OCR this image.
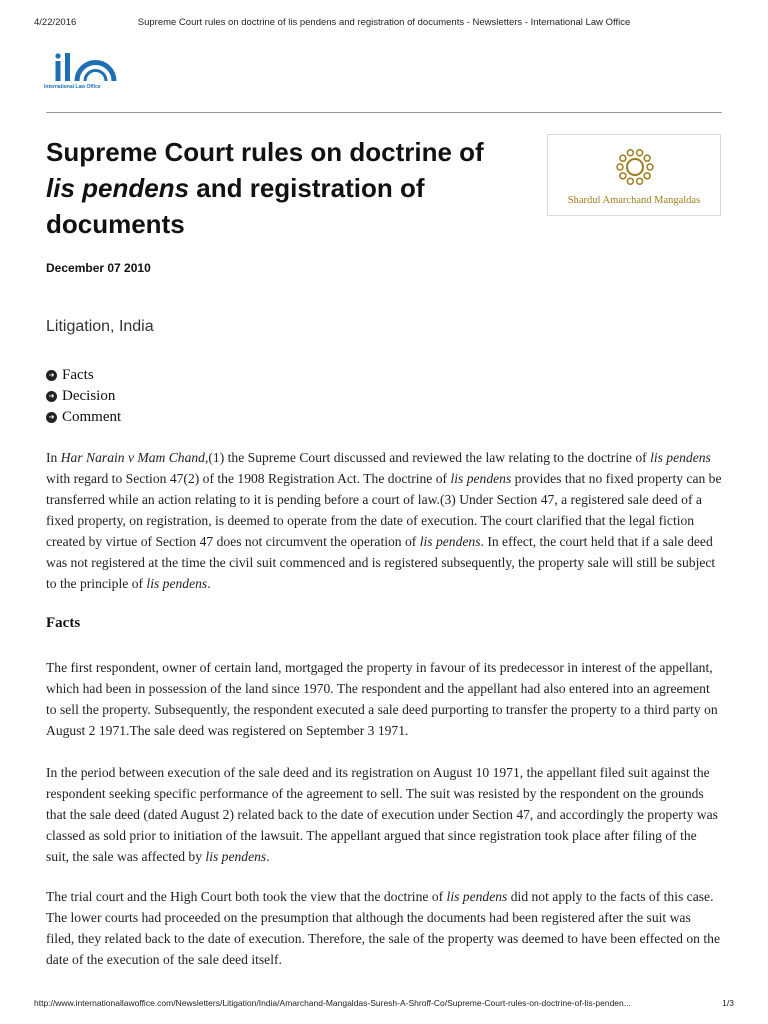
4/22/2016	Supreme Court rules on doctrine of lis pendens and registration of documents - Newsletters - International Law Office
International Law Office
Supreme Court rules on doctrine of lis pendens and registration of documents
Shardul Amarchand Mangaldas
December 07 2010
Litigation, India
➜ Facts
➜ Decision
➜ Comment

In Har Narain v Mam Chand,(1) the Supreme Court discussed and reviewed the law relating to the doctrine of lis pendens with regard to Section 47(2) of the 1908 Registration Act. The doctrine of lis pendens provides that no fixed property can be transferred while an action relating to it is pending before a court of law.(3) Under Section 47, a registered sale deed of a fixed property, on registration, is deemed to operate from the date of execution. The court clarified that the legal fiction created by virtue of Section 47 does not circumvent the operation of lis pendens. In effect, the court held that if a sale deed was not registered at the time the civil suit commenced and is registered subsequently, the property sale will still be subject to the principle of lis pendens.

Facts

The first respondent, owner of certain land, mortgaged the property in favour of its predecessor in interest of the appellant, which had been in possession of the land since 1970. The respondent and the appellant had also entered into an agreement to sell the property. Subsequently, the respondent executed a sale deed purporting to transfer the property to a third party on August 2 1971.The sale deed was registered on September 3 1971.

In the period between execution of the sale deed and its registration on August 10 1971, the appellant filed suit against the respondent seeking specific performance of the agreement to sell. The suit was resisted by the respondent on the grounds that the sale deed (dated August 2) related back to the date of execution under Section 47, and accordingly the property was classed as sold prior to initiation of the lawsuit. The appellant argued that since registration took place after filing of the suit, the sale was affected by lis pendens.

The trial court and the High Court both took the view that the doctrine of lis pendens did not apply to the facts of this case. The lower courts had proceeded on the presumption that although the documents had been registered after the suit was filed, they related back to the date of execution. Therefore, the sale of the property was deemed to have been effected on the date of the execution of the sale deed itself.

http://www.internationallawoffice.com/Newsletters/Litigation/India/Amarchand-Mangaldas-Suresh-A-Shroff-Co/Supreme-Court-rules-on-doctrine-of-lis-penden...	1/3
